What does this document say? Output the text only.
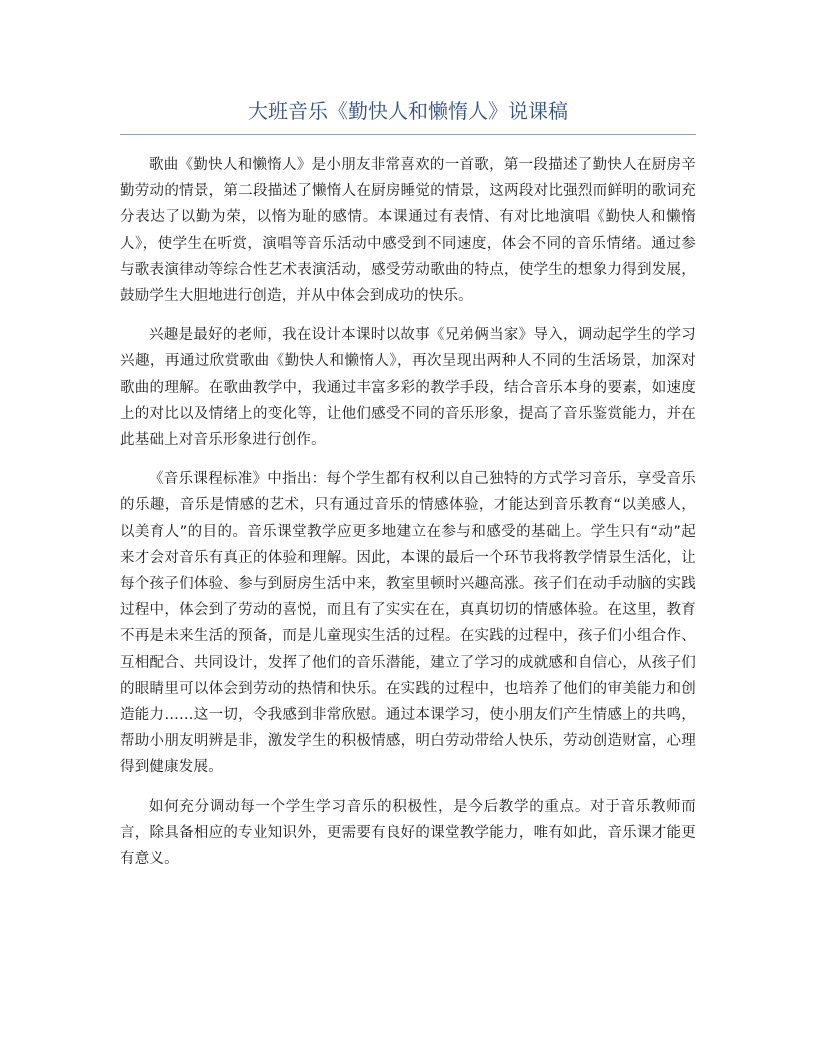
大班音乐《勤快人和懒惰人》说课稿

歌曲《勤快人和懒惰人》是小朋友非常喜欢的一首歌，第一段描述了勤快人在厨房辛勤劳动的情景，第二段描述了懒惰人在厨房睡觉的情景，这两段对比强烈而鲜明的歌词充分表达了以勤为荣，以惰为耻的感情。本课通过有表情、有对比地演唱《勤快人和懒惰人》，使学生在听赏，演唱等音乐活动中感受到不同速度，体会不同的音乐情绪。通过参与歌表演律动等综合性艺术表演活动，感受劳动歌曲的特点，使学生的想象力得到发展，鼓励学生大胆地进行创造，并从中体会到成功的快乐。

兴趣是最好的老师，我在设计本课时以故事《兄弟俩当家》导入，调动起学生的学习兴趣，再通过欣赏歌曲《勤快人和懒惰人》，再次呈现出两种人不同的生活场景，加深对歌曲的理解。在歌曲教学中，我通过丰富多彩的教学手段，结合音乐本身的要素，如速度上的对比以及情绪上的变化等，让他们感受不同的音乐形象，提高了音乐鉴赏能力，并在此基础上对音乐形象进行创作。

《音乐课程标准》中指出：每个学生都有权利以自己独特的方式学习音乐，享受音乐的乐趣，音乐是情感的艺术，只有通过音乐的情感体验，才能达到音乐教育“以美感人，以美育人”的目的。音乐课堂教学应更多地建立在参与和感受的基础上。学生只有“动”起来才会对音乐有真正的体验和理解。因此，本课的最后一个环节我将教学情景生活化，让每个孩子们体验、参与到厨房生活中来，教室里顿时兴趣高涨。孩子们在动手动脑的实践过程中，体会到了劳动的喜悦，而且有了实实在在，真真切切的情感体验。在这里，教育不再是未来生活的预备，而是儿童现实生活的过程。在实践的过程中，孩子们小组合作、互相配合、共同设计，发挥了他们的音乐潜能，建立了学习的成就感和自信心，从孩子们的眼睛里可以体会到劳动的热情和快乐。在实践的过程中，也培养了他们的审美能力和创造能力……这一切，令我感到非常欣慰。通过本课学习，使小朋友们产生情感上的共鸣，帮助小朋友明辨是非，激发学生的积极情感，明白劳动带给人快乐，劳动创造财富，心理得到健康发展。

如何充分调动每一个学生学习音乐的积极性，是今后教学的重点。对于音乐教师而言，除具备相应的专业知识外，更需要有良好的课堂教学能力，唯有如此，音乐课才能更有意义。
